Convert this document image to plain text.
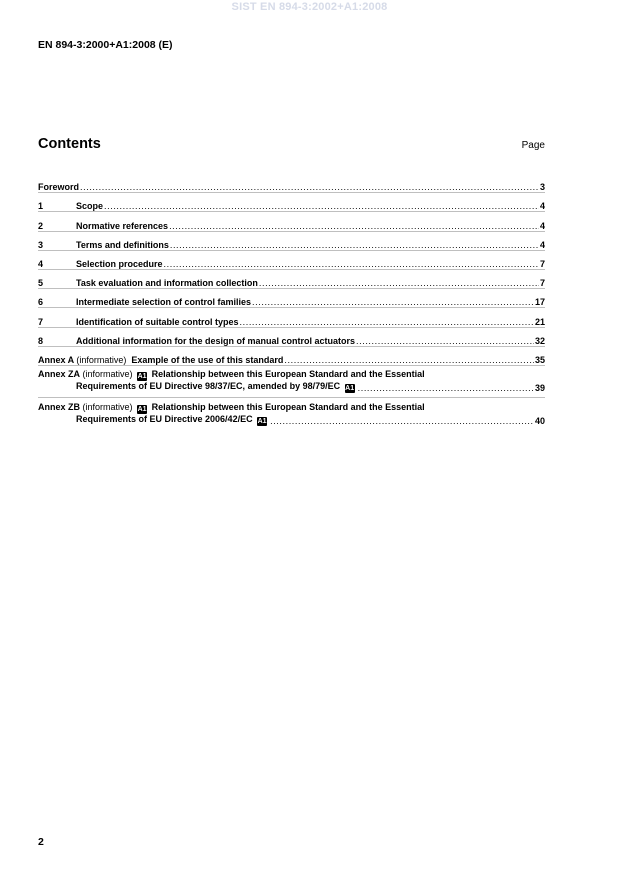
SIST EN 894-3:2002+A1:2008
EN 894-3:2000+A1:2008 (E)
Contents	Page
Foreword .....	3
1	Scope .....	4
2	Normative references .....	4
3	Terms and definitions .....	4
4	Selection procedure .....	7
5	Task evaluation and information collection .....	7
6	Intermediate selection of control families .....	17
7	Identification of suitable control types .....	21
8	Additional information for the design of manual control actuators .....	32
Annex A (informative) Example of the use of this standard .....	35
Annex ZA (informative) A1 Relationship between this European Standard and the Essential
Requirements of EU Directive 98/37/EC, amended by 98/79/EC A1 .....	39
Annex ZB (informative) A1 Relationship between this European Standard and the Essential
Requirements of EU Directive 2006/42/EC A1 .....	40
2
